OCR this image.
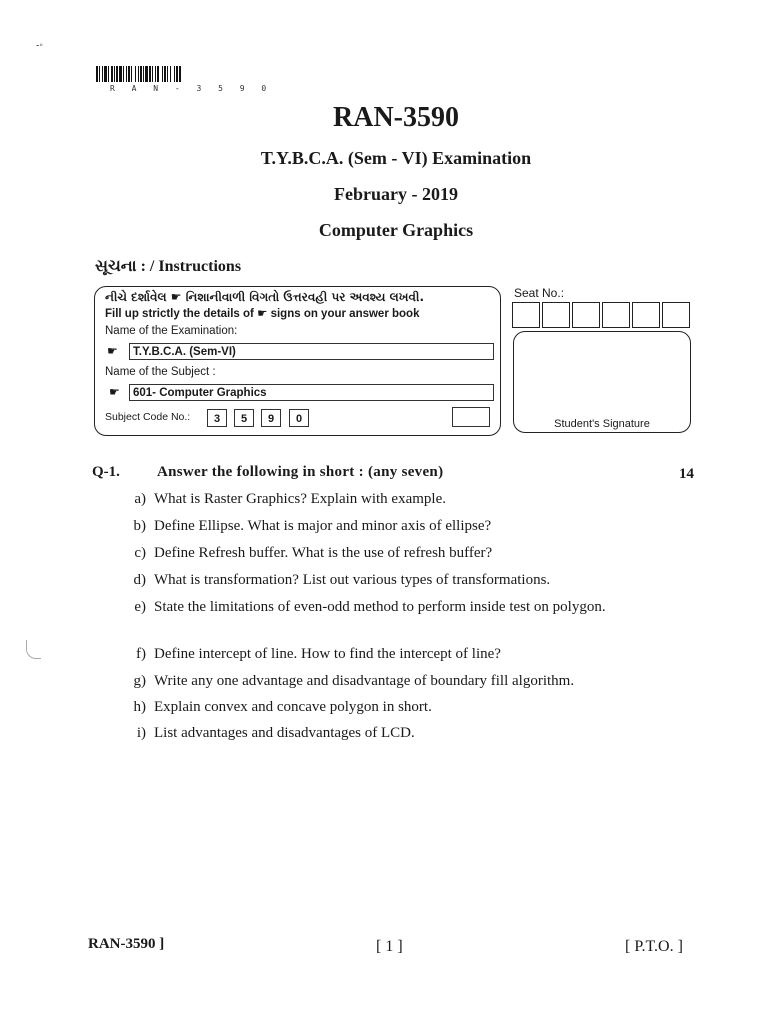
-◦
R A N - 3 5 9 0
RAN-3590
T.Y.B.C.A. (Sem - VI) Examination
February - 2019
Computer Graphics
સૂચના : / Instructions
નીચે દર્શાવેલ ☛ નિશાનીવાળી વિગતો ઉત્તરવહી પર અવશ્ય લખવી.
Fill up strictly the details of ☛ signs on your answer book
Name of the Examination:
☛	T.Y.B.C.A. (Sem-VI)
Name of the Subject :
☛	601- Computer Graphics
Subject Code No.:	3	5	9	0
Seat No.:
Student's Signature
Q-1. Answer the following in short : (any seven)	14
a) What is Raster Graphics? Explain with example.
b) Define Ellipse. What is major and minor axis of ellipse?
c) Define Refresh buffer. What is the use of refresh buffer?
d) What is transformation? List out various types of transformations.
e) State the limitations of even-odd method to perform inside test on polygon.
f) Define intercept of line. How to find the intercept of line?
g) Write any one advantage and disadvantage of boundary fill algorithm.
h) Explain convex and concave polygon in short.
i) List advantages and disadvantages of LCD.
RAN-3590 ]	[ 1 ]	[ P.T.O. ]
